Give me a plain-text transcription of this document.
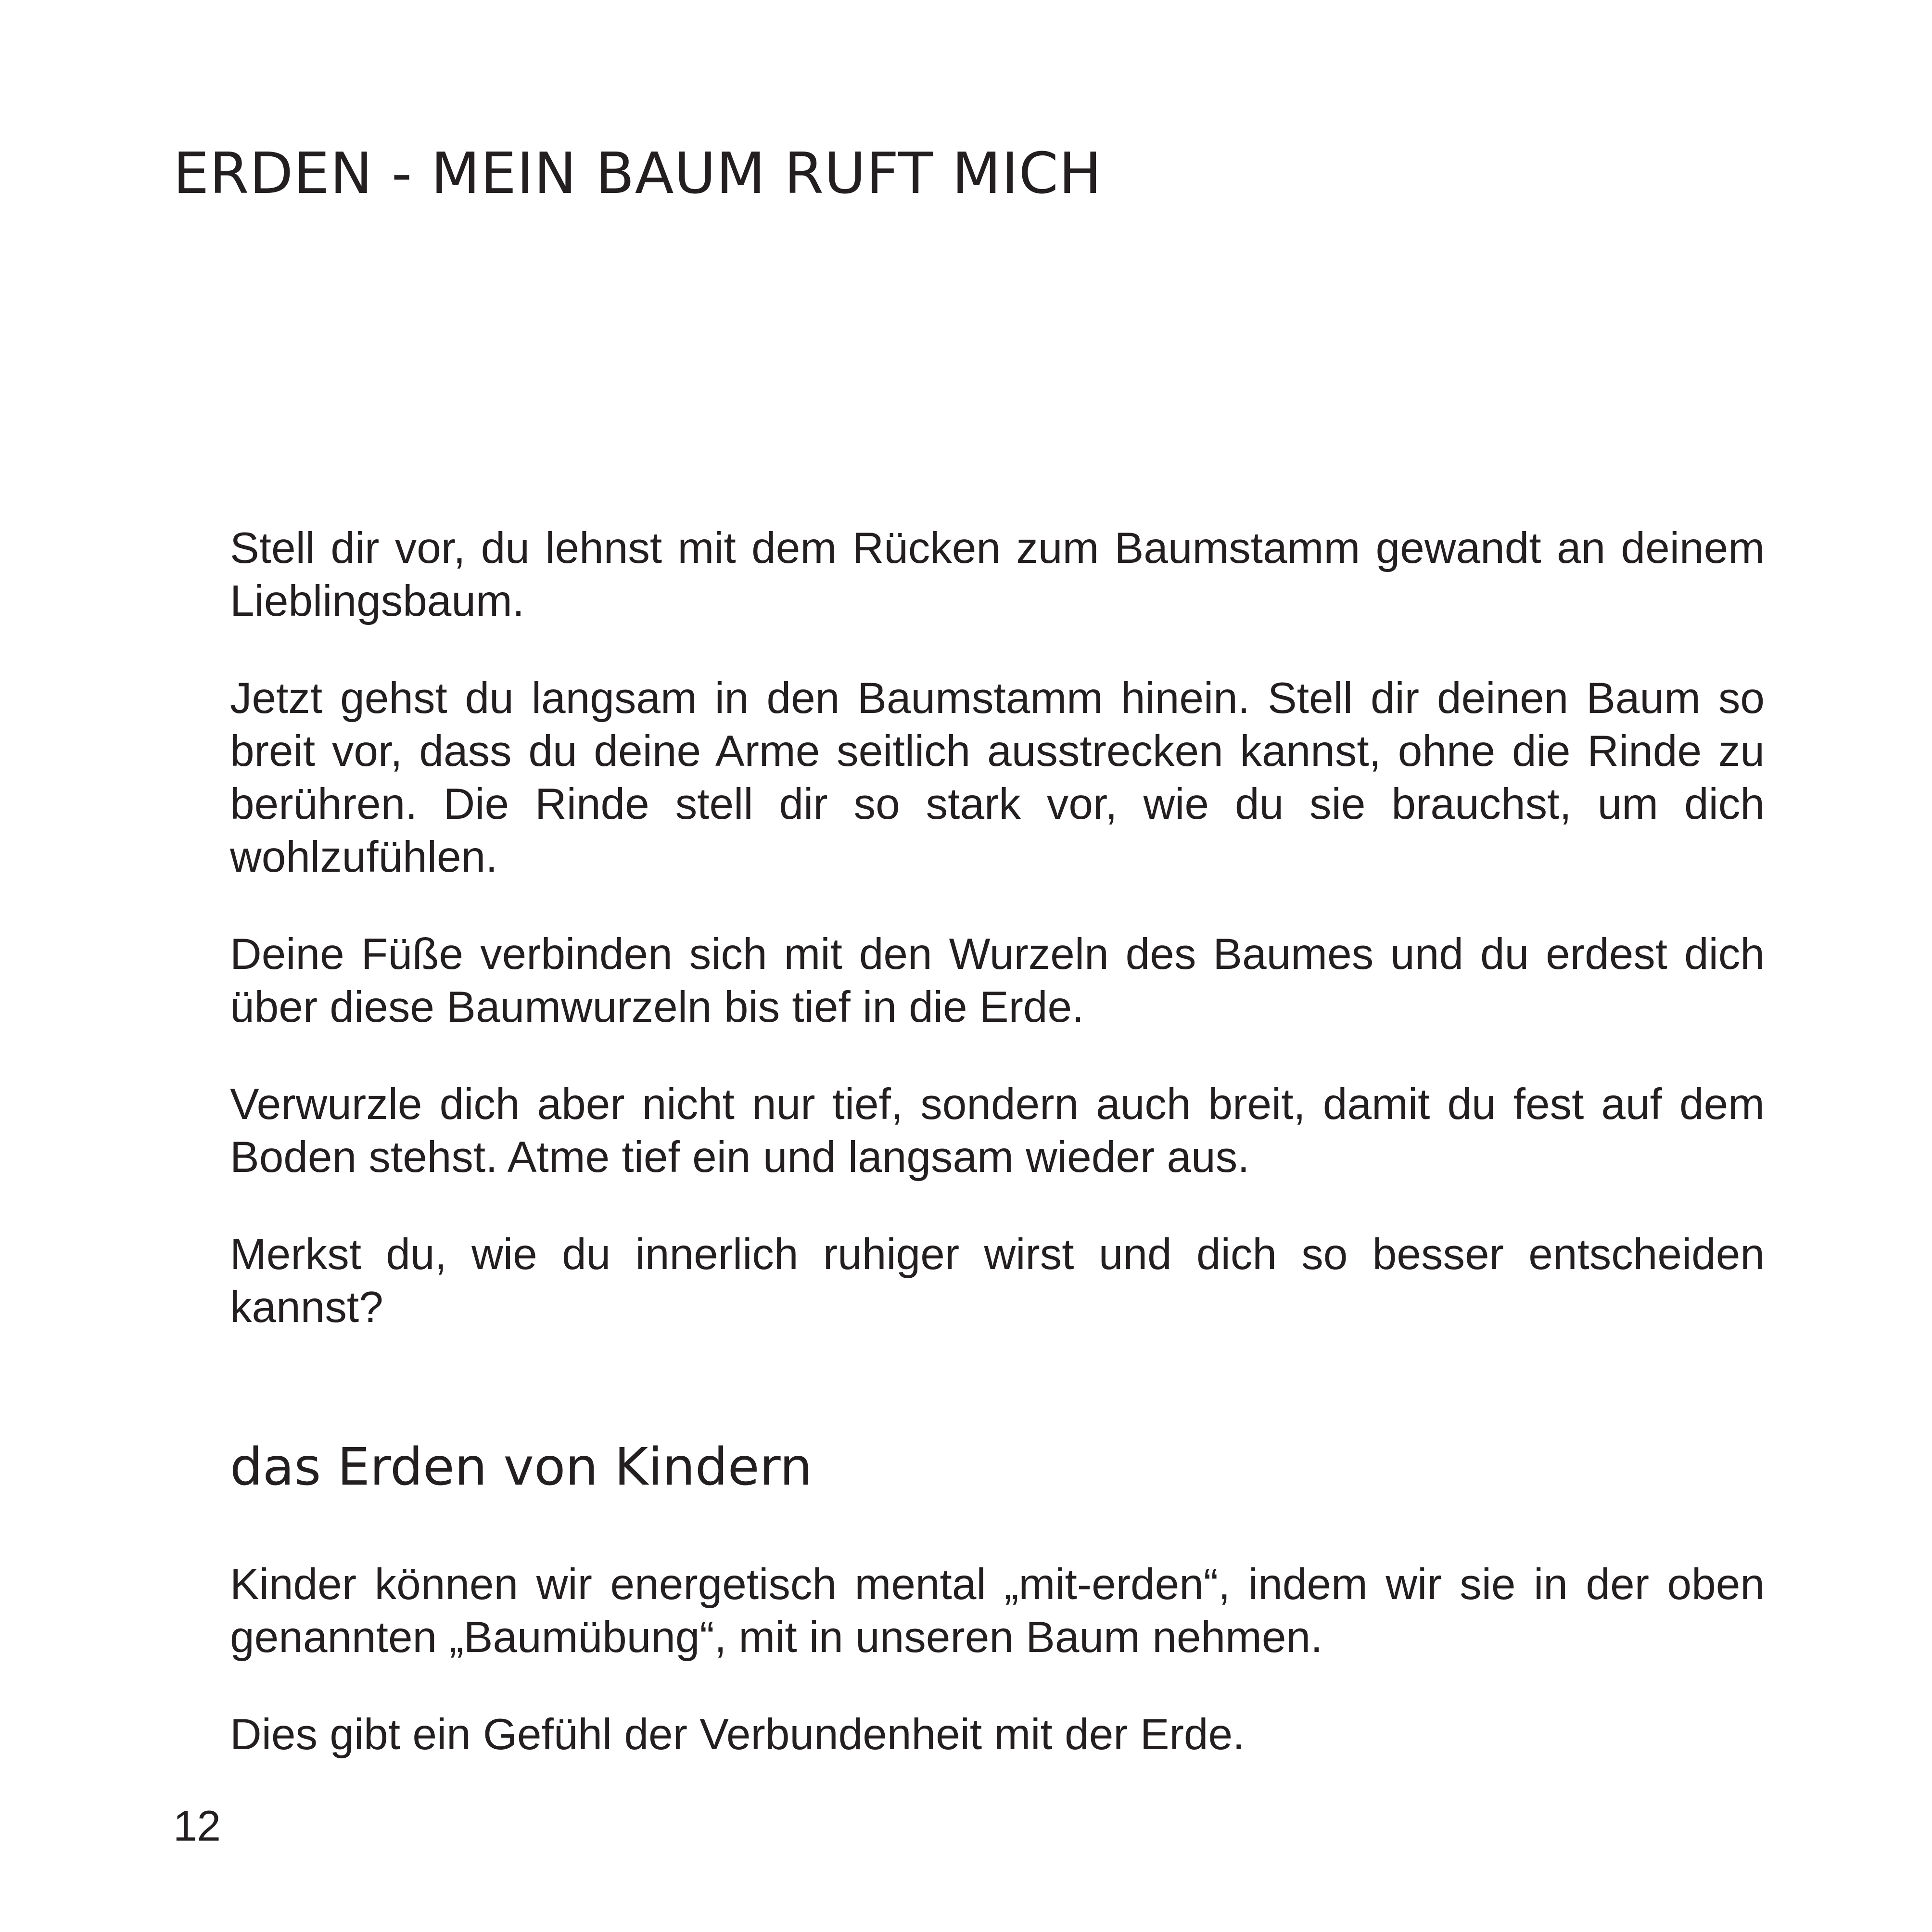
ERDEN - MEIN BAUM RUFT MICH

Stell dir vor, du lehnst mit dem Rücken zum Baumstamm gewandt an deinem Lieblingsbaum.

Jetzt gehst du langsam in den Baumstamm hinein. Stell dir deinen Baum so breit vor, dass du deine Arme seitlich ausstrecken kannst, ohne die Rinde zu berühren. Die Rinde stell dir so stark vor, wie du sie brauchst, um dich wohlzufühlen.

Deine Füße verbinden sich mit den Wurzeln des Baumes und du erdest dich über diese Baumwurzeln bis tief in die Erde.

Verwurzle dich aber nicht nur tief, sondern auch breit, damit du fest auf dem Boden stehst. Atme tief ein und langsam wieder aus.

Merkst du, wie du innerlich ruhiger wirst und dich so besser entscheiden kannst?

das Erden von Kindern

Kinder können wir energetisch mental „mit-erden“, indem wir sie in der oben genannten „Baumübung“, mit in unseren Baum nehmen.

Dies gibt ein Gefühl der Verbundenheit mit der Erde.

12
